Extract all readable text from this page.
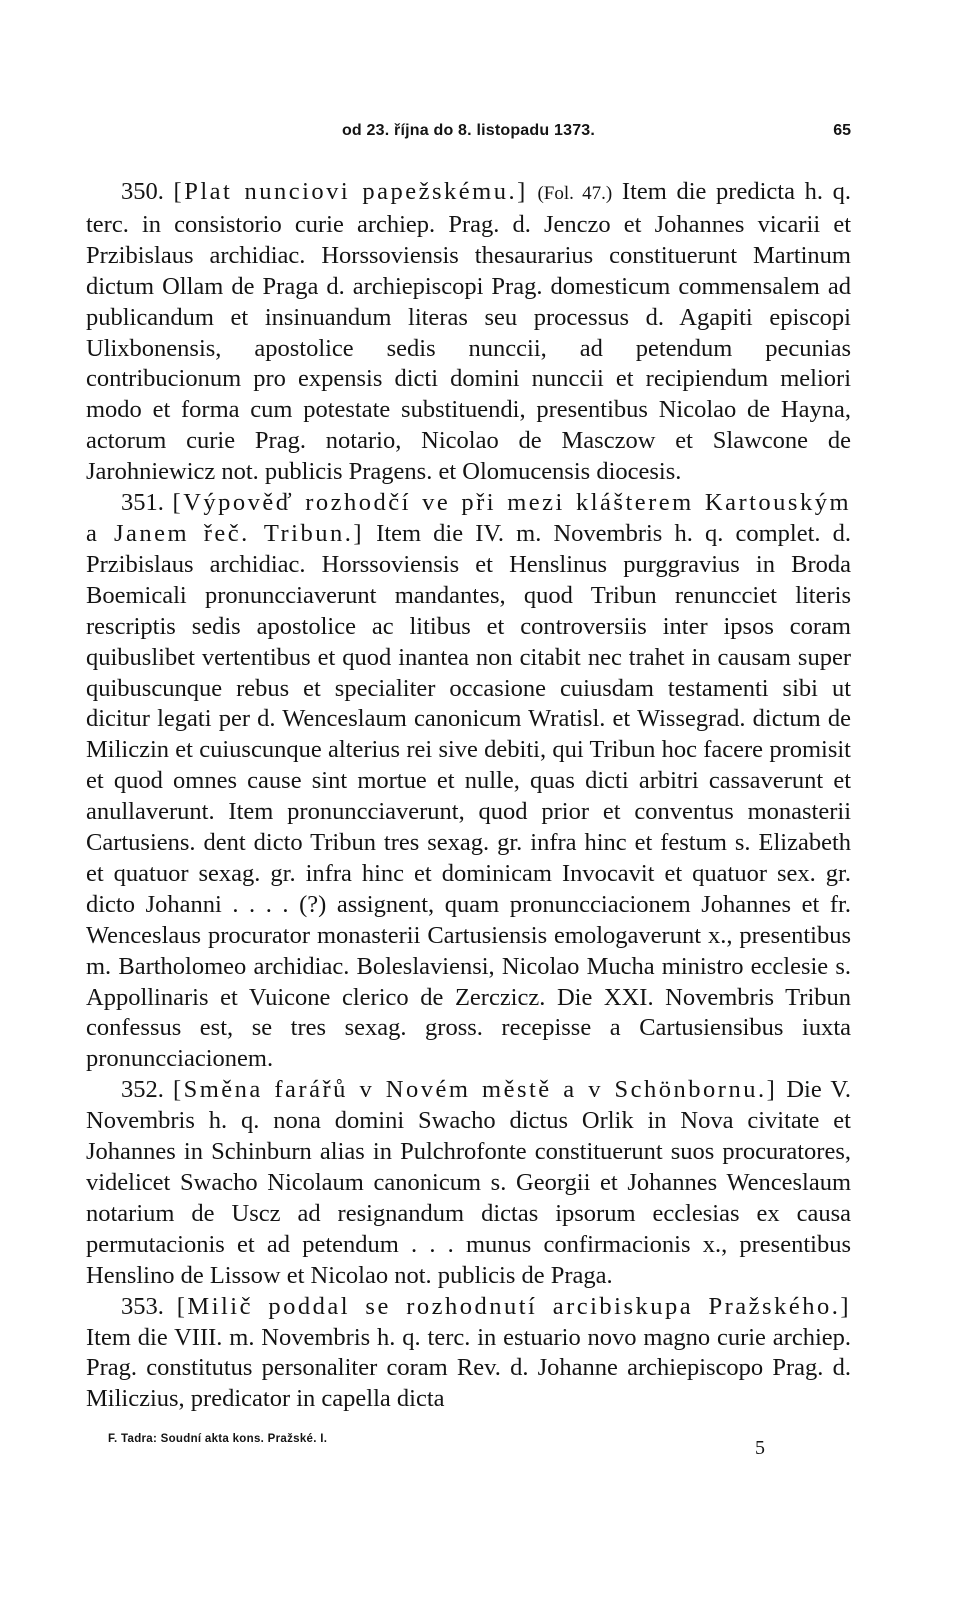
od 23. října do 8. listopadu 1373.	65

350. [Plat nunciovi papežskému.] (Fol. 47.) Item die predicta h. q. terc. in consistorio curie archiep. Prag. d. Jenczo et Johannes vicarii et Przibislaus archidiac. Horssoviensis thesaurarius constituerunt Martinum dictum Ollam de Praga d. archiepiscopi Prag. domesticum commensalem ad publicandum et insinuandum literas seu processus d. Agapiti episcopi Ulixbonensis, apostolice sedis nunccii, ad petendum pecunias contribucionum pro expensis dicti domini nunccii et recipiendum meliori modo et forma cum potestate substituendi, presentibus Nicolao de Hayna, actorum curie Prag. notario, Nicolao de Masczow et Slawcone de Jarohniewicz not. publicis Pragens. et Olomucensis diocesis.

351. [Výpověď rozhodčí ve při mezi klášterem Kartouským a Janem řeč. Tribun.] Item die IV. m. Novembris h. q. complet. d. Przibislaus archidiac. Horssoviensis et Henslinus purggravius in Broda Boemicali pronuncciaverunt mandantes, quod Tribun renuncciet literis rescriptis sedis apostolice ac litibus et controversiis inter ipsos coram quibuslibet vertentibus et quod inantea non citabit nec trahet in causam super quibuscunque rebus et specialiter occasione cuiusdam testamenti sibi ut dicitur legati per d. Wenceslaum canonicum Wratisl. et Wissegrad. dictum de Miliczin et cuiuscunque alterius rei sive debiti, qui Tribun hoc facere promisit et quod omnes cause sint mortue et nulle, quas dicti arbitri cassaverunt et anullaverunt. Item pronuncciaverunt, quod prior et conventus monasterii Cartusiens. dent dicto Tribun tres sexag. gr. infra hinc et festum s. Elizabeth et quatuor sexag. gr. infra hinc et dominicam Invocavit et quatuor sex. gr. dicto Johanni . . . . (?) assignent, quam pronuncciacionem Johannes et fr. Wenceslaus procurator monasterii Cartusiensis emologaverunt x., presentibus m. Bartholomeo archidiac. Boleslaviensi, Nicolao Mucha ministro ecclesie s. Appollinaris et Vuicone clerico de Zerczicz. Die XXI. Novembris Tribun confessus est, se tres sexag. gross. recepisse a Cartusiensibus iuxta pronuncciacionem.

352. [Směna farářů v Novém městě a v Schönbornu.] Die V. Novembris h. q. nona domini Swacho dictus Orlik in Nova civitate et Johannes in Schinburn alias in Pulchrofonte constituerunt suos procuratores, videlicet Swacho Nicolaum canonicum s. Georgii et Johannes Wenceslaum notarium de Uscz ad resignandum dictas ipsorum ecclesias ex causa permutacionis et ad petendum . . . munus confirmacionis x., presentibus Henslino de Lissow et Nicolao not. publicis de Praga.

353. [Milič poddal se rozhodnutí arcibiskupa Pražského.] Item die VIII. m. Novembris h. q. terc. in estuario novo magno curie archiep. Prag. constitutus personaliter coram Rev. d. Johanne archiepiscopo Prag. d. Miliczius, predicator in capella dicta

F. Tadra: Soudní akta kons. Pražské. I.	5
